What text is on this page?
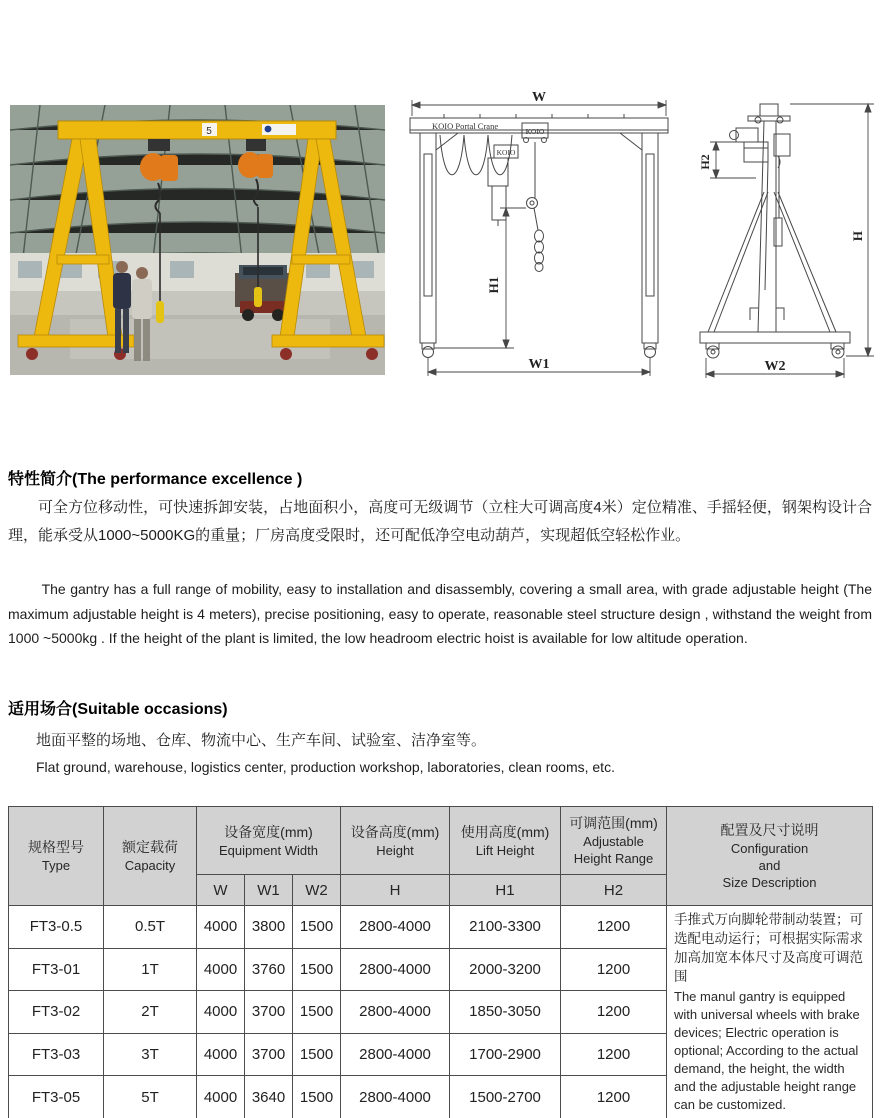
5
W
KOIO Portal Crane
KOIO
KOIO
H1
W1
H2
H
W2
特性简介(The performance excellence )
可全方位移动性，可快速拆卸安装，占地面积小，高度可无级调节（立柱大可调高度4米）定位精准、手摇轻便，钢架构设计合理，能承受从1000~5000KG的重量；厂房高度受限时，还可配低净空电动葫芦，实现超低空轻松作业。
The gantry has a full range of mobility, easy to installation and disassembly, covering a small area, with grade adjustable height (The maximum adjustable height is 4 meters), precise positioning, easy to operate, reasonable steel structure design , withstand the weight from 1000 ~5000kg . If the height of the plant is limited, the low headroom electric hoist is available for low altitude operation.
适用场合(Suitable occasions)
地面平整的场地、仓库、物流中心、生产车间、试验室、洁净室等。
Flat ground, warehouse, logistics center, production workshop, laboratories, clean rooms, etc.
规格型号
Type

额定载荷
Capacity

设备宽度(mm)
Equipment Width

设备高度(mm)
Height

使用高度(mm)
Lift Height

可调范围(mm)
Adjustable
Height Range

配置及尺寸说明
Configuration
and
Size Description

		W	W1	W2	H	H1	H2	
FT3-0.5	0.5T	4000	3800	1500	2800-4000	2100-3300	1200	手推式万向脚轮带制动装置；可选配电动运行；可根据实际需求加高加宽本体尺寸及高度可调范围
The manul gantry is equipped with universal wheels with brake devices; Electric operation is optional; According to the actual demand, the height, the width and the adjustable height range can be customized.

FT3-01	1T	4000	3760	1500	2800-4000	2000-3200	1200	
FT3-02	2T	4000	3700	1500	2800-4000	1850-3050	1200	
FT3-03	3T	4000	3700	1500	2800-4000	1700-2900	1200	
FT3-05	5T	4000	3640	1500	2800-4000	1500-2700	1200	
